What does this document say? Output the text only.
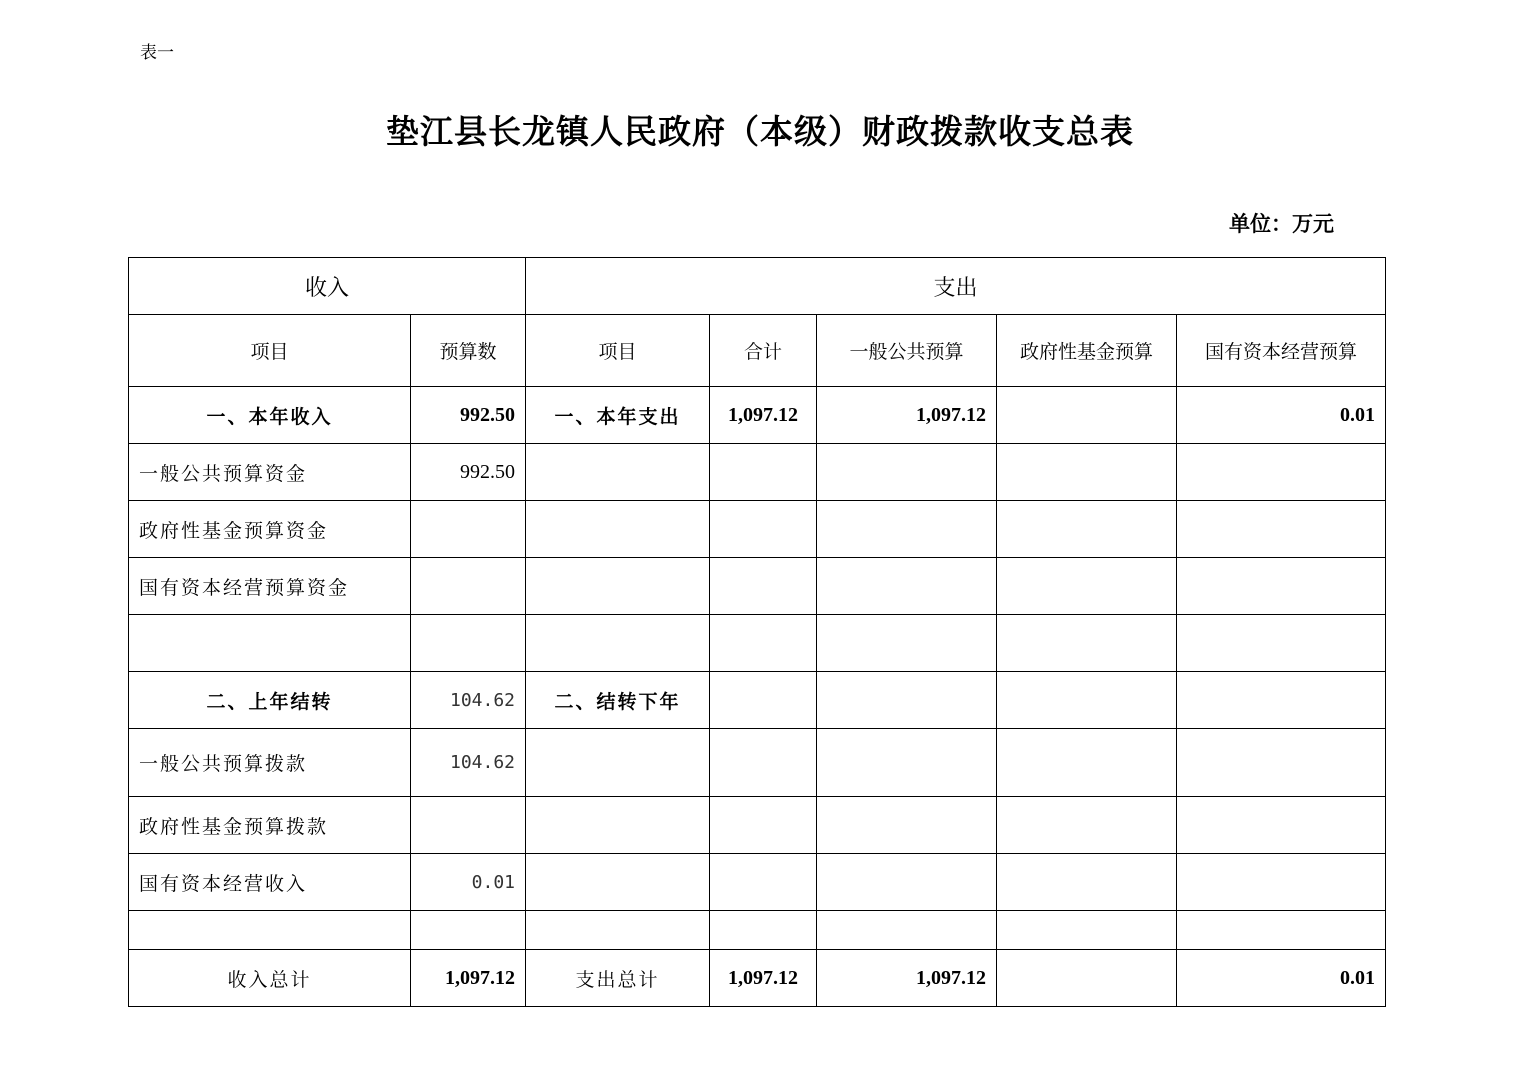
表一
垫江县长龙镇人民政府（本级）财政拨款收支总表
单位：万元
收入		支出				
项目	预算数	项目	合计	一般公共预算	政府性基金预算	国有资本经营预算
一、本年收入	992.50	一、本年支出	1,097.12	1,097.12		0.01
一般公共预算资金	992.50					
政府性基金预算资金						
国有资本经营预算资金						

二、上年结转	104.62	二、结转下年				
一般公共预算拨款	104.62					
政府性基金预算拨款						
国有资本经营收入	0.01					

收入总计	1,097.12	支出总计	1,097.12	1,097.12		0.01
